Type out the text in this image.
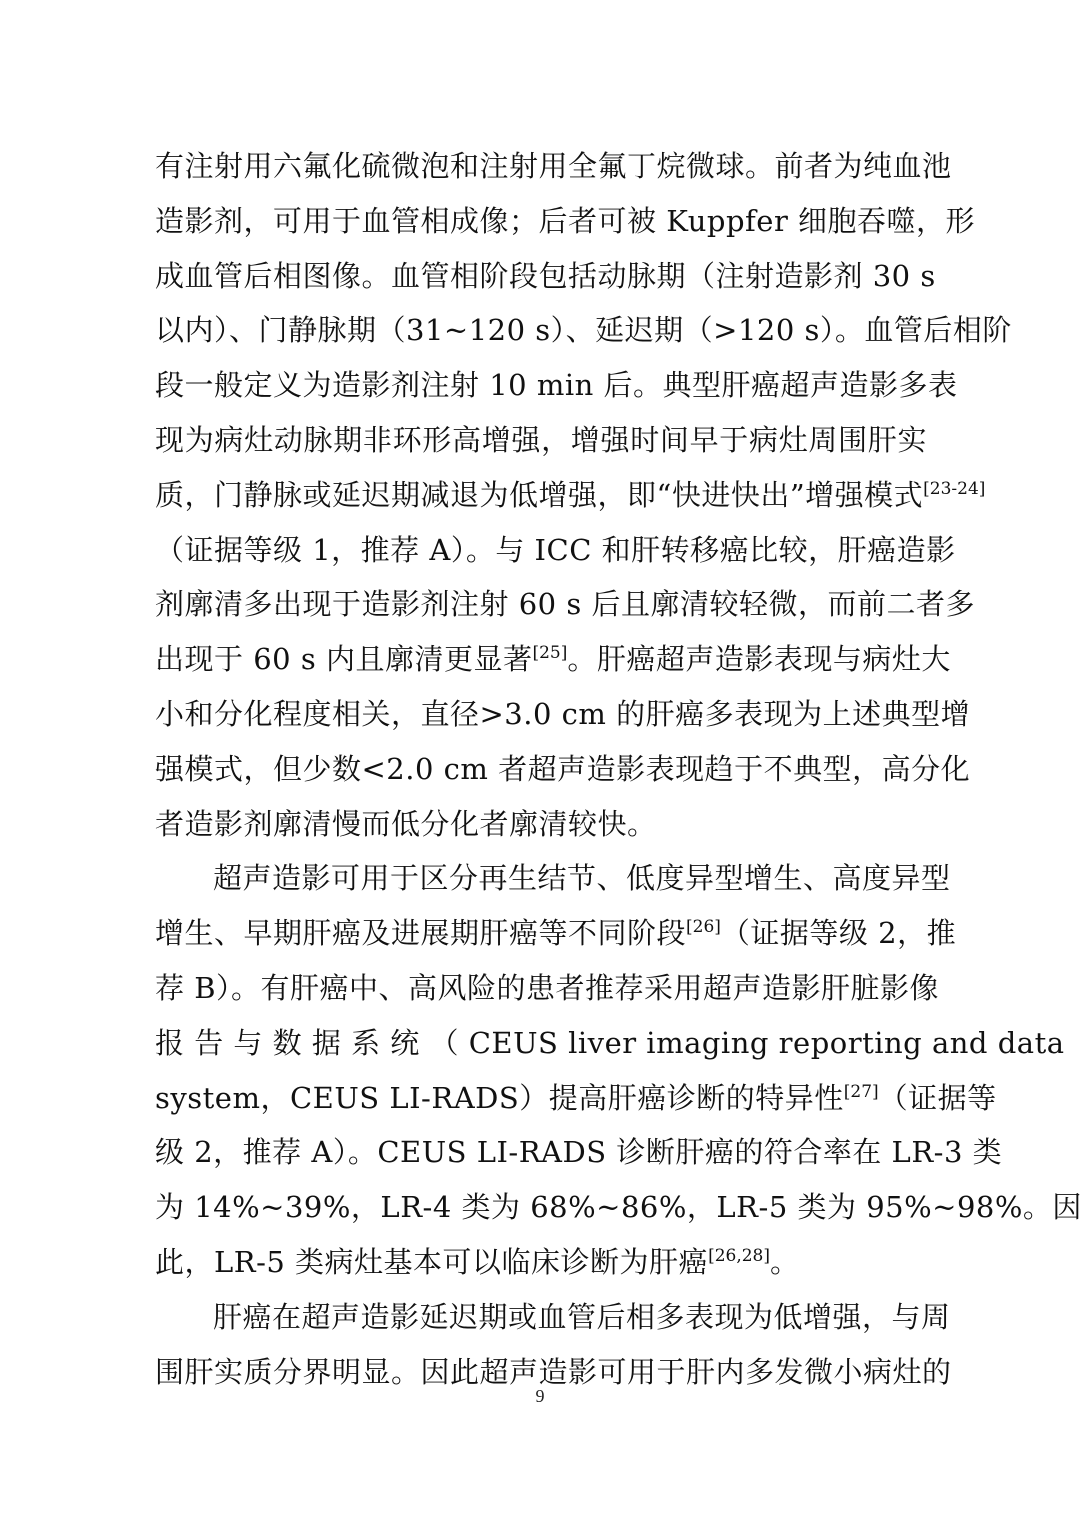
有注射用六氟化硫微泡和注射用全氟丁烷微球。前者为纯血池
造影剂，可用于血管相成像；后者可被 Kuppfer 细胞吞噬，形
成血管后相图像。血管相阶段包括动脉期（注射造影剂 30 s
以内）、门静脉期（31~120 s）、延迟期（>120 s）。血管后相阶
段一般定义为造影剂注射 10 min 后。典型肝癌超声造影多表
现为病灶动脉期非环形高增强，增强时间早于病灶周围肝实
质，门静脉或延迟期减退为低增强，即“快进快出”增强模式[23-24]
（证据等级 1，推荐 A）。与 ICC 和肝转移癌比较，肝癌造影
剂廓清多出现于造影剂注射 60 s 后且廓清较轻微，而前二者多
出现于 60 s 内且廓清更显著[25]。肝癌超声造影表现与病灶大
小和分化程度相关，直径>3.0 cm 的肝癌多表现为上述典型增
强模式，但少数<2.0 cm 者超声造影表现趋于不典型，高分化
者造影剂廓清慢而低分化者廓清较快。
超声造影可用于区分再生结节、低度异型增生、高度异型
增生、早期肝癌及进展期肝癌等不同阶段[26]（证据等级 2，推
荐 B）。有肝癌中、高风险的患者推荐采用超声造影肝脏影像
报 告 与 数 据 系 统 （ CEUS liver imaging reporting and data
system，CEUS LI-RADS）提高肝癌诊断的特异性[27]（证据等
级 2，推荐 A）。CEUS LI-RADS 诊断肝癌的符合率在 LR-3 类
为 14%~39%，LR-4 类为 68%~86%，LR-5 类为 95%~98%。因
此，LR-5 类病灶基本可以临床诊断为肝癌[26,28]。
肝癌在超声造影延迟期或血管后相多表现为低增强，与周
围肝实质分界明显。因此超声造影可用于肝内多发微小病灶的
9
